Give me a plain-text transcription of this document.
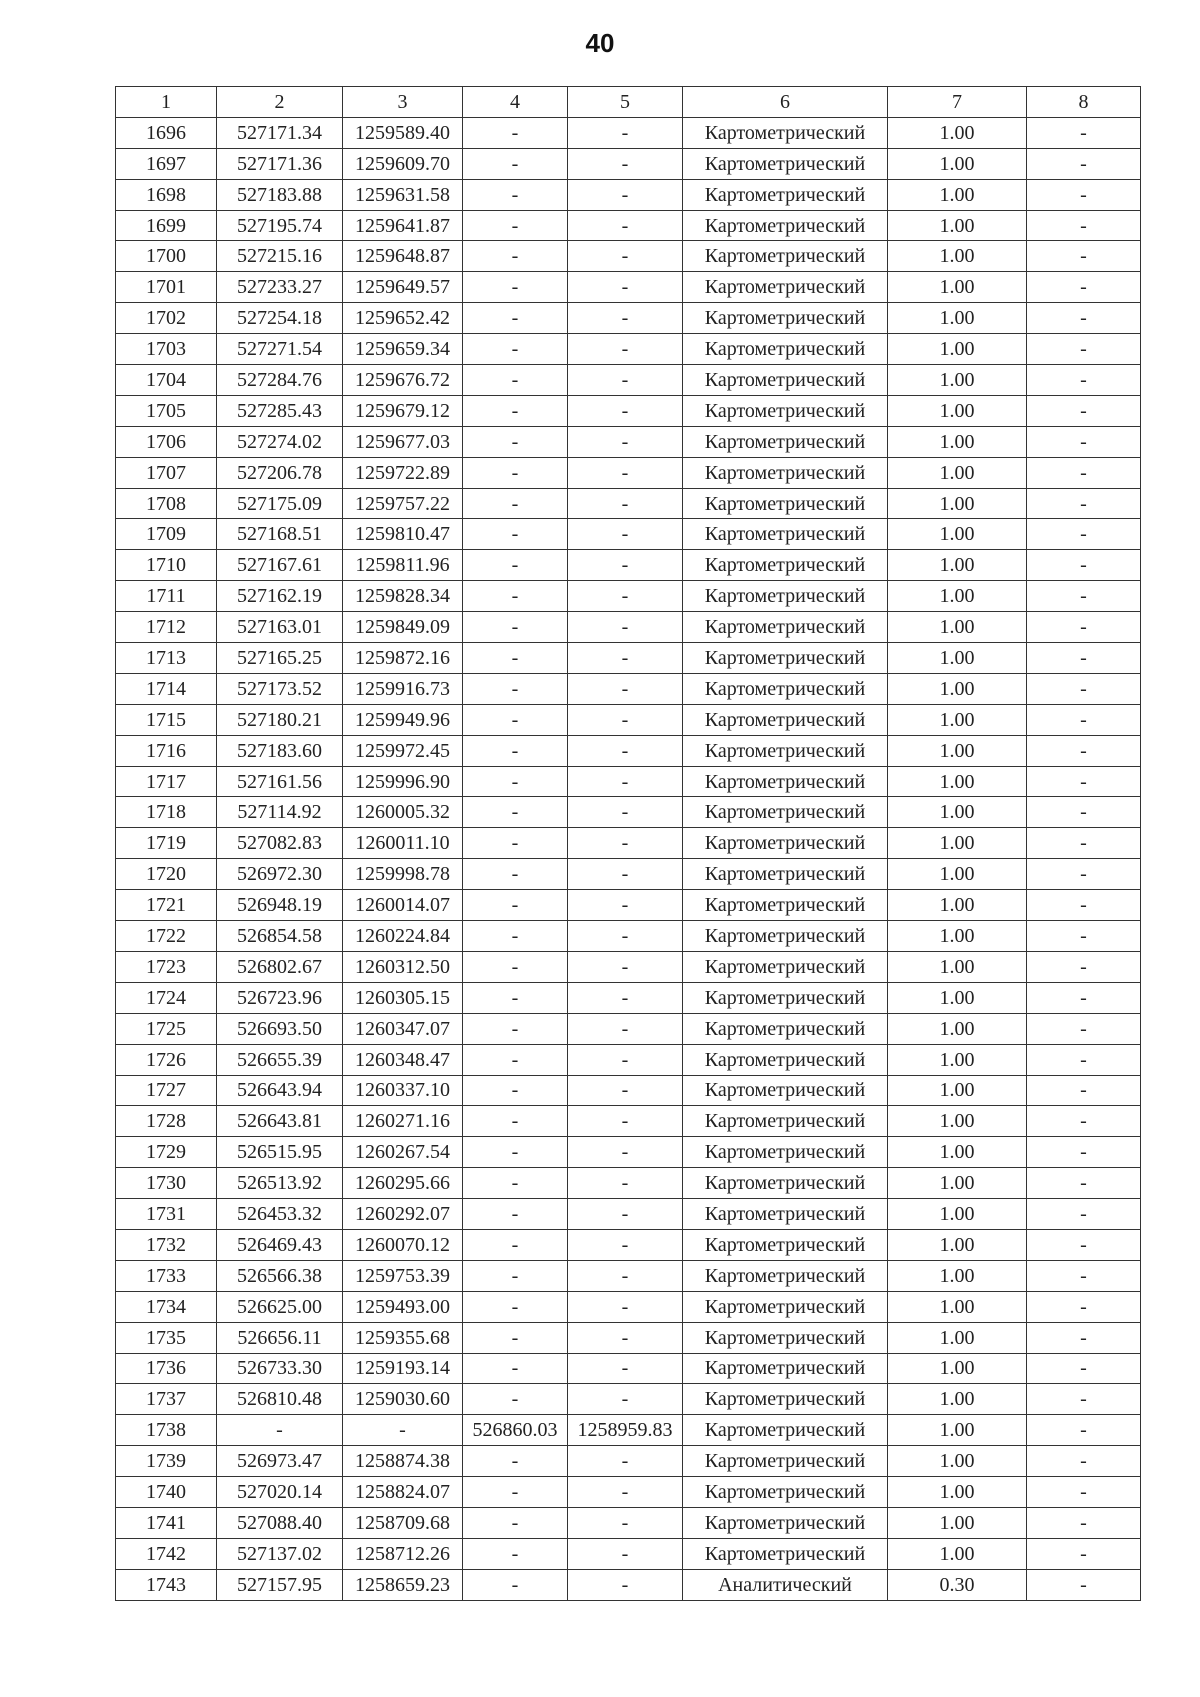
40
1	2	3	4	5	6	7	8
1696	527171.34	1259589.40	-	-	Картометрический	1.00	-
1697	527171.36	1259609.70	-	-	Картометрический	1.00	-
1698	527183.88	1259631.58	-	-	Картометрический	1.00	-
1699	527195.74	1259641.87	-	-	Картометрический	1.00	-
1700	527215.16	1259648.87	-	-	Картометрический	1.00	-
1701	527233.27	1259649.57	-	-	Картометрический	1.00	-
1702	527254.18	1259652.42	-	-	Картометрический	1.00	-
1703	527271.54	1259659.34	-	-	Картометрический	1.00	-
1704	527284.76	1259676.72	-	-	Картометрический	1.00	-
1705	527285.43	1259679.12	-	-	Картометрический	1.00	-
1706	527274.02	1259677.03	-	-	Картометрический	1.00	-
1707	527206.78	1259722.89	-	-	Картометрический	1.00	-
1708	527175.09	1259757.22	-	-	Картометрический	1.00	-
1709	527168.51	1259810.47	-	-	Картометрический	1.00	-
1710	527167.61	1259811.96	-	-	Картометрический	1.00	-
1711	527162.19	1259828.34	-	-	Картометрический	1.00	-
1712	527163.01	1259849.09	-	-	Картометрический	1.00	-
1713	527165.25	1259872.16	-	-	Картометрический	1.00	-
1714	527173.52	1259916.73	-	-	Картометрический	1.00	-
1715	527180.21	1259949.96	-	-	Картометрический	1.00	-
1716	527183.60	1259972.45	-	-	Картометрический	1.00	-
1717	527161.56	1259996.90	-	-	Картометрический	1.00	-
1718	527114.92	1260005.32	-	-	Картометрический	1.00	-
1719	527082.83	1260011.10	-	-	Картометрический	1.00	-
1720	526972.30	1259998.78	-	-	Картометрический	1.00	-
1721	526948.19	1260014.07	-	-	Картометрический	1.00	-
1722	526854.58	1260224.84	-	-	Картометрический	1.00	-
1723	526802.67	1260312.50	-	-	Картометрический	1.00	-
1724	526723.96	1260305.15	-	-	Картометрический	1.00	-
1725	526693.50	1260347.07	-	-	Картометрический	1.00	-
1726	526655.39	1260348.47	-	-	Картометрический	1.00	-
1727	526643.94	1260337.10	-	-	Картометрический	1.00	-
1728	526643.81	1260271.16	-	-	Картометрический	1.00	-
1729	526515.95	1260267.54	-	-	Картометрический	1.00	-
1730	526513.92	1260295.66	-	-	Картометрический	1.00	-
1731	526453.32	1260292.07	-	-	Картометрический	1.00	-
1732	526469.43	1260070.12	-	-	Картометрический	1.00	-
1733	526566.38	1259753.39	-	-	Картометрический	1.00	-
1734	526625.00	1259493.00	-	-	Картометрический	1.00	-
1735	526656.11	1259355.68	-	-	Картометрический	1.00	-
1736	526733.30	1259193.14	-	-	Картометрический	1.00	-
1737	526810.48	1259030.60	-	-	Картометрический	1.00	-
1738	-	-	526860.03	1258959.83	Картометрический	1.00	-
1739	526973.47	1258874.38	-	-	Картометрический	1.00	-
1740	527020.14	1258824.07	-	-	Картометрический	1.00	-
1741	527088.40	1258709.68	-	-	Картометрический	1.00	-
1742	527137.02	1258712.26	-	-	Картометрический	1.00	-
1743	527157.95	1258659.23	-	-	Аналитический	0.30	-
